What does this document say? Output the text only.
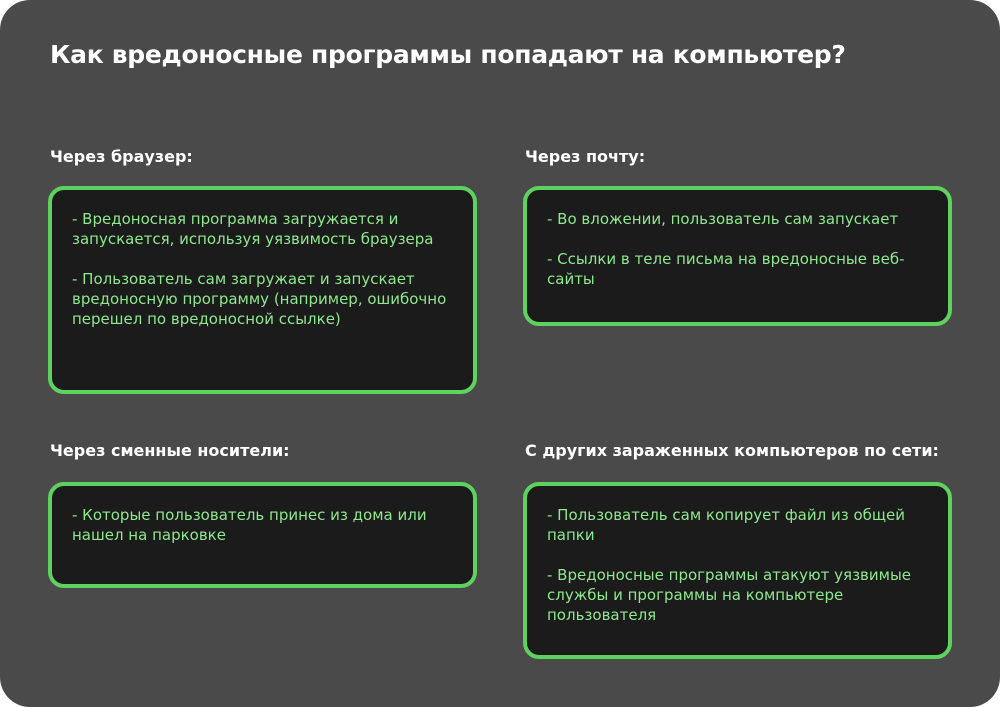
Как вредоносные программы попадают на компьютер?
Через браузер:

- Вредоносная программа загружается и запускается, используя уязвимость браузера

- Пользователь сам загружает и запускает вредоносную программу (например, ошибочно перешел по вредоносной ссылке)

Через почту:

- Во вложении, пользователь сам запускает

- Ссылки в теле письма на вредоносные веб-сайты

Через сменные носители:

- Которые пользователь принес из дома или нашел на парковке

С других зараженных компьютеров по сети:

- Пользователь сам копирует файл из общей папки

- Вредоносные программы атакуют уязвимые службы и программы на компьютере пользователя
